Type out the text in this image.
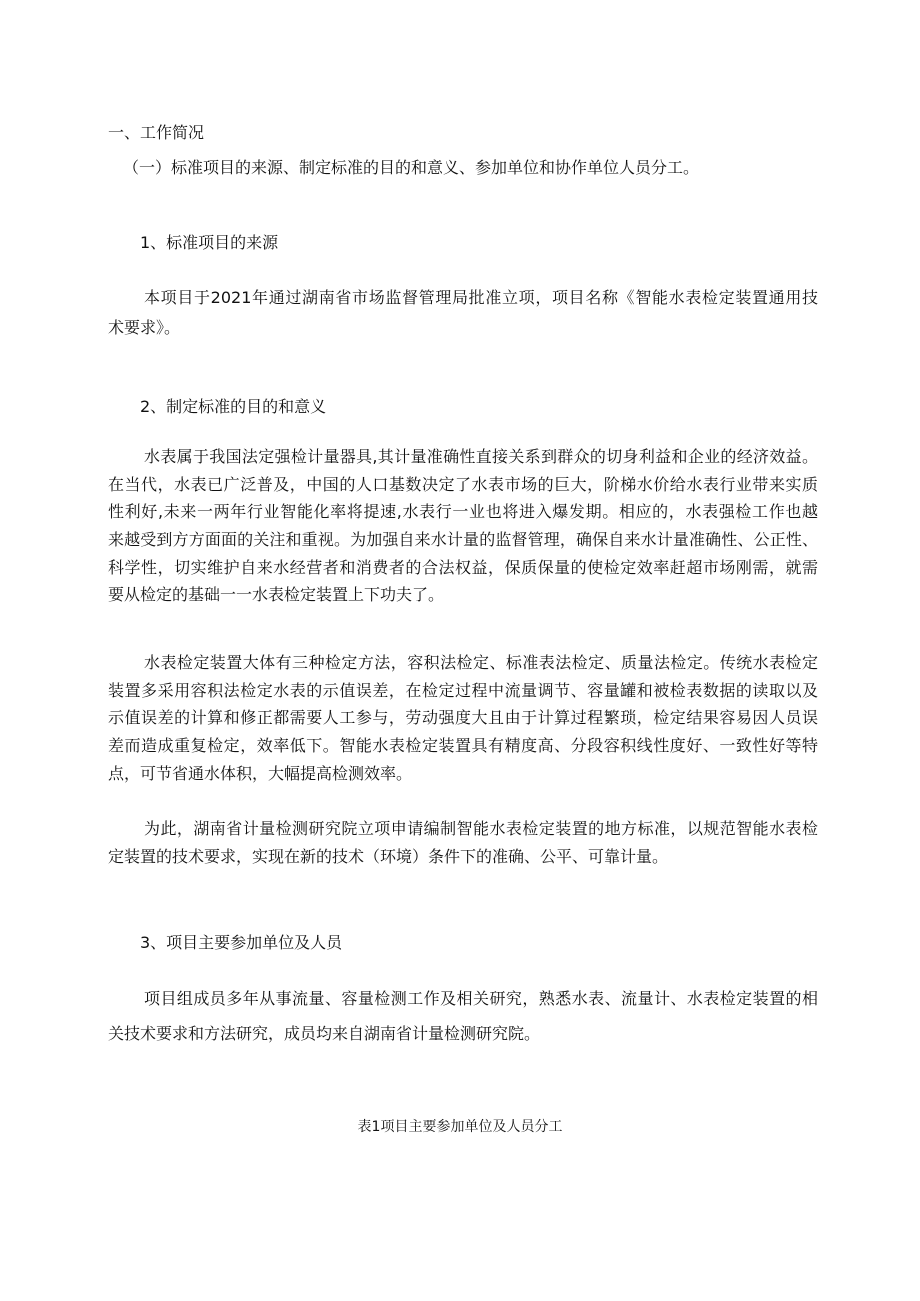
一、工作简况
（一）标准项目的来源、制定标准的目的和意义、参加单位和协作单位人员分工。
1、标准项目的来源
本项目于2021年通过湖南省市场监督管理局批准立项，项目名称《智能水表检定装置通用技
术要求》。
2、制定标准的目的和意义
水表属于我国法定强检计量器具,其计量准确性直接关系到群众的切身利益和企业的经济效益。
在当代，水表已广泛普及，中国的人口基数决定了水表市场的巨大，阶梯水价给水表行业带来实质
性利好,未来一两年行业智能化率将提速,水表行一业也将进入爆发期。相应的，水表强检工作也越
来越受到方方面面的关注和重视。为加强自来水计量的监督管理，确保自来水计量准确性、公正性、
科学性，切实维护自来水经营者和消费者的合法权益，保质保量的使检定效率赶超市场刚需，就需
要从检定的基础一一水表检定装置上下功夫了。
水表检定装置大体有三种检定方法，容积法检定、标准表法检定、质量法检定。传统水表检定
装置多采用容积法检定水表的示值误差，在检定过程中流量调节、容量罐和被检表数据的读取以及
示值误差的计算和修正都需要人工参与，劳动强度大且由于计算过程繁琐，检定结果容易因人员误
差而造成重复检定，效率低下。智能水表检定装置具有精度高、分段容积线性度好、一致性好等特
点，可节省通水体积，大幅提高检测效率。
为此，湖南省计量检测研究院立项申请编制智能水表检定装置的地方标准，以规范智能水表检
定装置的技术要求，实现在新的技术（环境）条件下的准确、公平、可靠计量。
3、项目主要参加单位及人员
项目组成员多年从事流量、容量检测工作及相关研究，熟悉水表、流量计、水表检定装置的相
关技术要求和方法研究，成员均来自湖南省计量检测研究院。
表1项目主要参加单位及人员分工
